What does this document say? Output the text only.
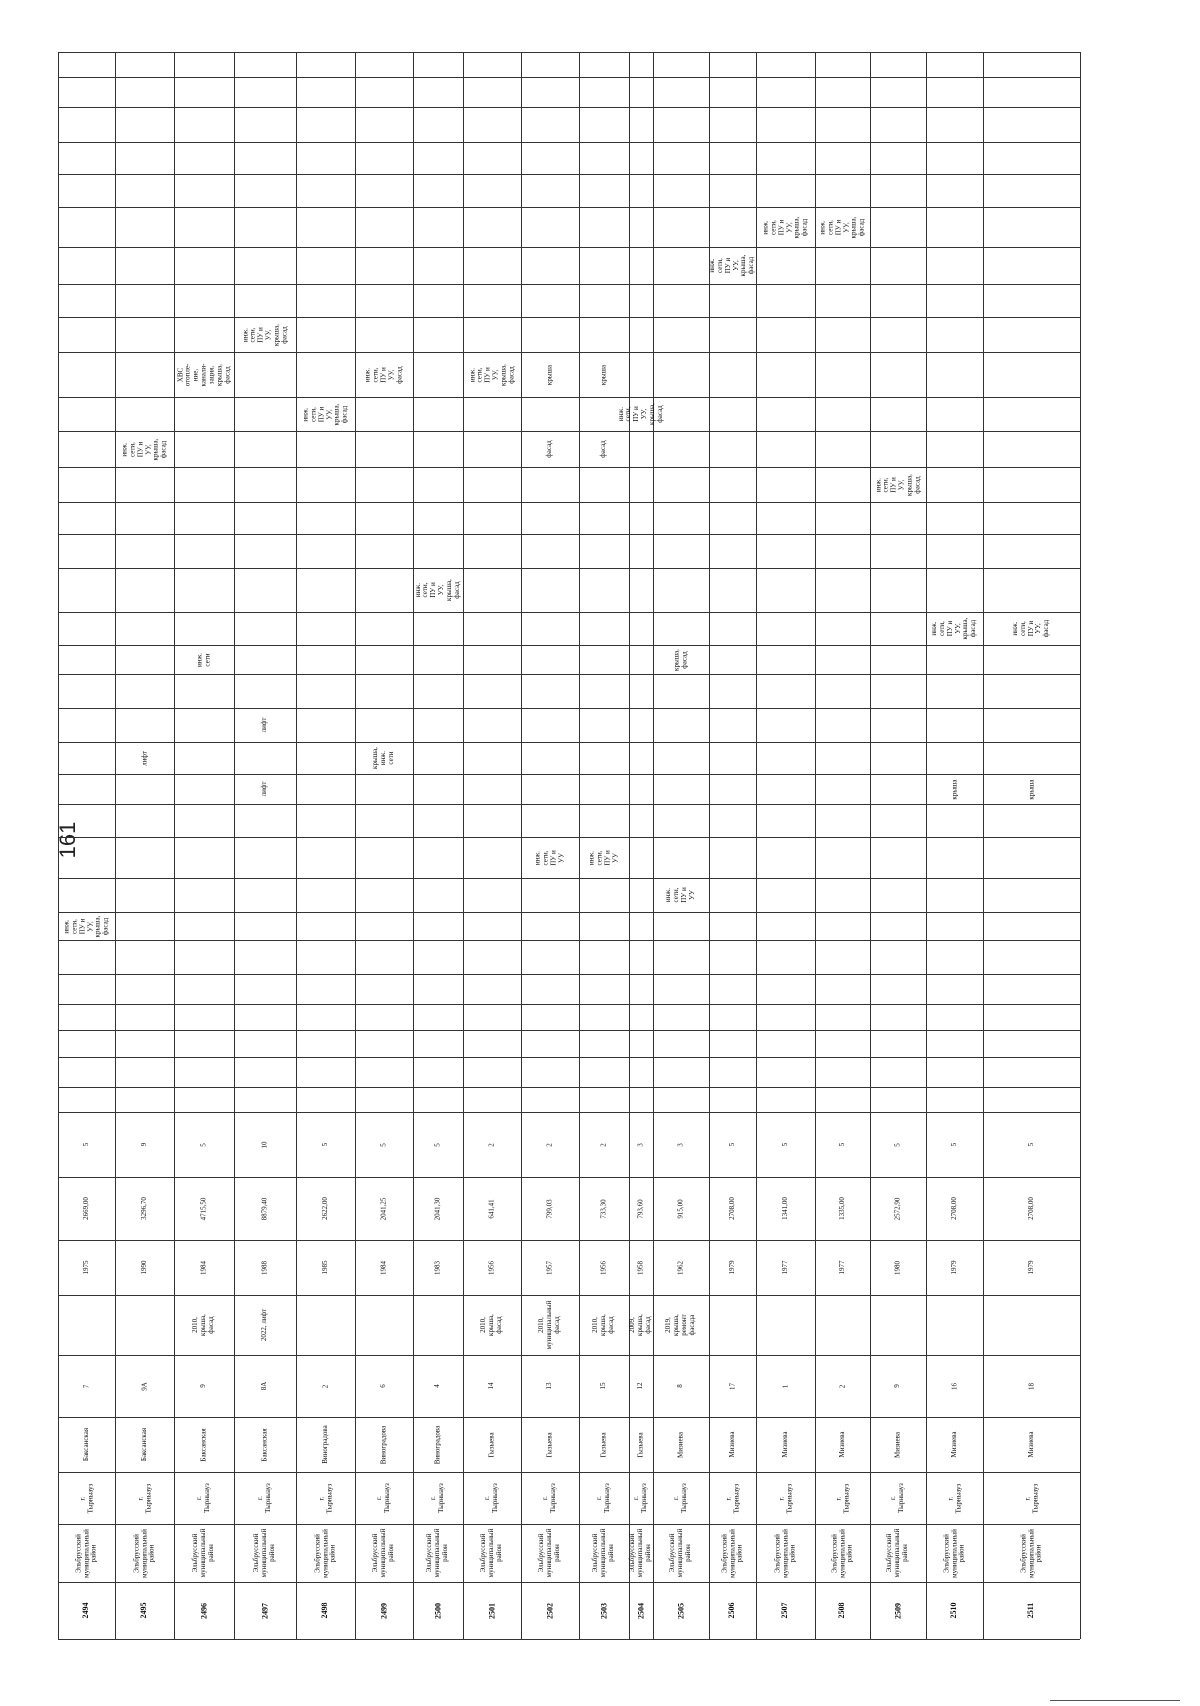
161
2494
Эльбрусский
муниципальный
район
г.
Тырныауз
Баксанская
7
1975
2669,00
5
инж.
сети,
ПУ и
УУ,
крыша,
фасад
2495
Эльбрусский
муниципальный
район
г.
Тырныауз
Баксанская
9А
1990
3296,70
9
лифт
инж.
сети,
ПУ и
УУ,
крыша,
фасад
2496
Эльбрусский
муниципальный
район
г.
Тырныауз
Баксанская
9
2010,
крыша,
фасад
1984
4715,50
5
инж.
сети
ХВС
отопле-
ние,
канали-
зация,
крыша,
фасад
2497
Эльбрусский
муниципальный
район
г.
Тырныауз
Баксанская
8А
2022, лифт
1988
8879,40
10
лифт
лифт
инж.
сети,
ПУ и
УУ,
крыша,
фасад
2498
Эльбрусский
муниципальный
район
г.
Тырныауз
Виноградова
2
1985
2622,00
5
инж.
сети,
ПУ и
УУ,
крыша,
фасад
2499
Эльбрусский
муниципальный
район
г.
Тырныауз
Виноградова
6
1984
2041,25
5
крыша,
инж.
сети
инж.
сети,
ПУ и
УУ,
фасад
2500
Эльбрусский
муниципальный
район
г.
Тырныауз
Виноградова
4
1983
2041,30
5
инж.
сети,
ПУ и
УУ,
крыша,
фасад
2501
Эльбрусский
муниципальный
район
г.
Тырныауз
Гызыева
14
2010,
крыша,
фасад
1956
641,41
2
инж.
сети,
ПУ и
УУ,
крыша,
фасад
2502
Эльбрусский
муниципальный
район
г.
Тырныауз
Гызыева
13
2010,
муниципальный
фасад
1957
799,03
2
инж.
сети,
ПУ и
УУ
фасад
крыша
2503
Эльбрусский
муниципальный
район
г.
Тырныауз
Гызыева
15
2010,
крыша,
фасад
1956
733,30
2
инж.
сети,
ПУ и
УУ
фасад
крыша
2504
Эльбрусский
муниципальный
район
г.
Тырныауз
Гызыева
12
2009,
крыша,
фасад
1958
793,60
3
инж.
сети,
ПУ и
УУ,
крыша,
фасад
2505
Эльбрусский
муниципальный
район
г.
Тырныауз
Мизиева
8
2019,
крыша,
ремонт
фасада
1962
915,00
3
крыша,
фасад
инж.
сети,
ПУ и
УУ
2506
Эльбрусский
муниципальный
район
г.
Тырныауз
Мизиева
17
1979
2708,00
5
инж.
сети,
ПУ и
УУ,
крыша,
фасад
2507
Эльбрусский
муниципальный
район
г.
Тырныауз
Мизиева
1
1977
1341,00
5
инж.
сети,
ПУ и
УУ,
крыша,
фасад
2508
Эльбрусский
муниципальный
район
г.
Тырныауз
Мизиева
2
1977
1335,00
5
инж.
сети,
ПУ и
УУ,
крыша,
фасад
2509
Эльбрусский
муниципальный
район
г.
Тырныауз
Мизиева
9
1980
2572,90
5
инж.
сети,
ПУ и
УУ,
крыша,
фасад
2510
Эльбрусский
муниципальный
район
г.
Тырныауз
Мизиева
16
1979
2708,00
5
крыша
инж.
сети,
ПУ и
УУ,
крыша,
фасад
2511
Эльбрусский
муниципальный
район
г.
Тырныауз
Мизиева
18
1979
2708,00
5
крыша
инж.
сети,
ПУ и
УУ,
фасад
